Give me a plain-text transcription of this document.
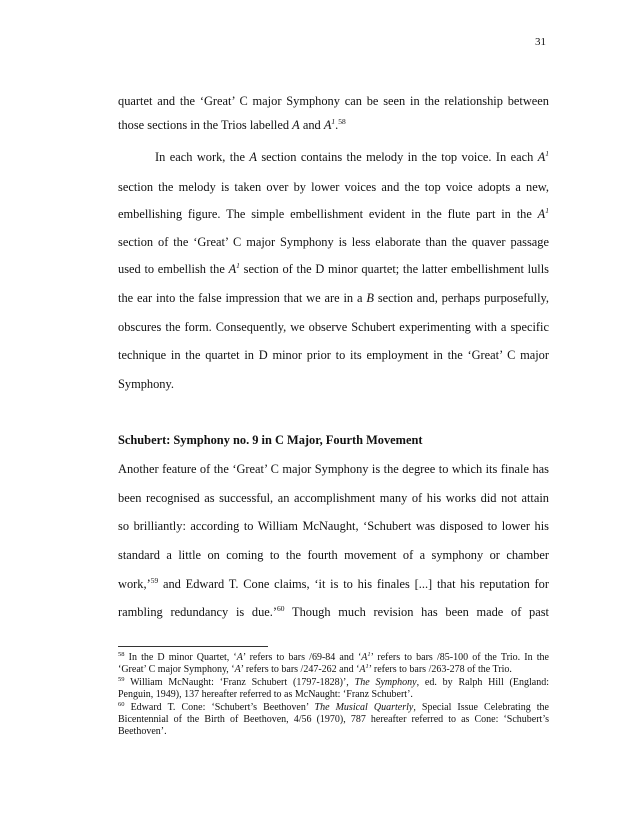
31
quartet and the ‘Great’ C major Symphony can be seen in the relationship between
those sections in the Trios labelled A and $A^1.^{58}$
In each work, the A section contains the melody in the top voice. In each $A^1$
section the melody is taken over by lower voices and the top voice adopts a new,
embellishing figure. The simple embellishment evident in the flute part in the $A^1$
section of the ‘Great’ C major Symphony is less elaborate than the quaver passage
used to embellish the $A^1$ section of the D minor quartet; the latter embellishment lulls
the ear into the false impression that we are in a B section and, perhaps purposefully,
obscures the form. Consequently, we observe Schubert experimenting with a specific
technique in the quartet in D minor prior to its employment in the ‘Great’ C major
Symphony.
Schubert: Symphony no. 9 in C Major, Fourth Movement
Another feature of the ‘Great’ C major Symphony is the degree to which its finale has
been recognised as successful, an accomplishment many of his works did not attain
so brilliantly: according to William McNaught, ‘Schubert was disposed to lower his
standard a little on coming to the fourth movement of a symphony or chamber
work,’$^{59}$ and Edward T. Cone claims, ‘it is to his finales [...] that his reputation for
rambling redundancy is due.’$^{60}$ Though much revision has been made of past
$^{58}$ In the D minor Quartet, ‘A’ refers to bars /69-84 and ‘$A^1$’ refers to bars /85-100 of the Trio. In the
‘Great’ C major Symphony, ‘A’ refers to bars /247-262 and ‘$A^1$’ refers to bars /263-278 of the Trio.
$^{59}$ William McNaught: ‘Franz Schubert (1797-1828)’, The Symphony, ed. by Ralph Hill (England:
Penguin, 1949), 137 hereafter referred to as McNaught: ‘Franz Schubert’.
$^{60}$ Edward T. Cone: ‘Schubert’s Beethoven’ The Musical Quarterly, Special Issue Celebrating the
Bicentennial of the Birth of Beethoven, 4/56 (1970), 787 hereafter referred to as Cone: ‘Schubert’s
Beethoven’.
